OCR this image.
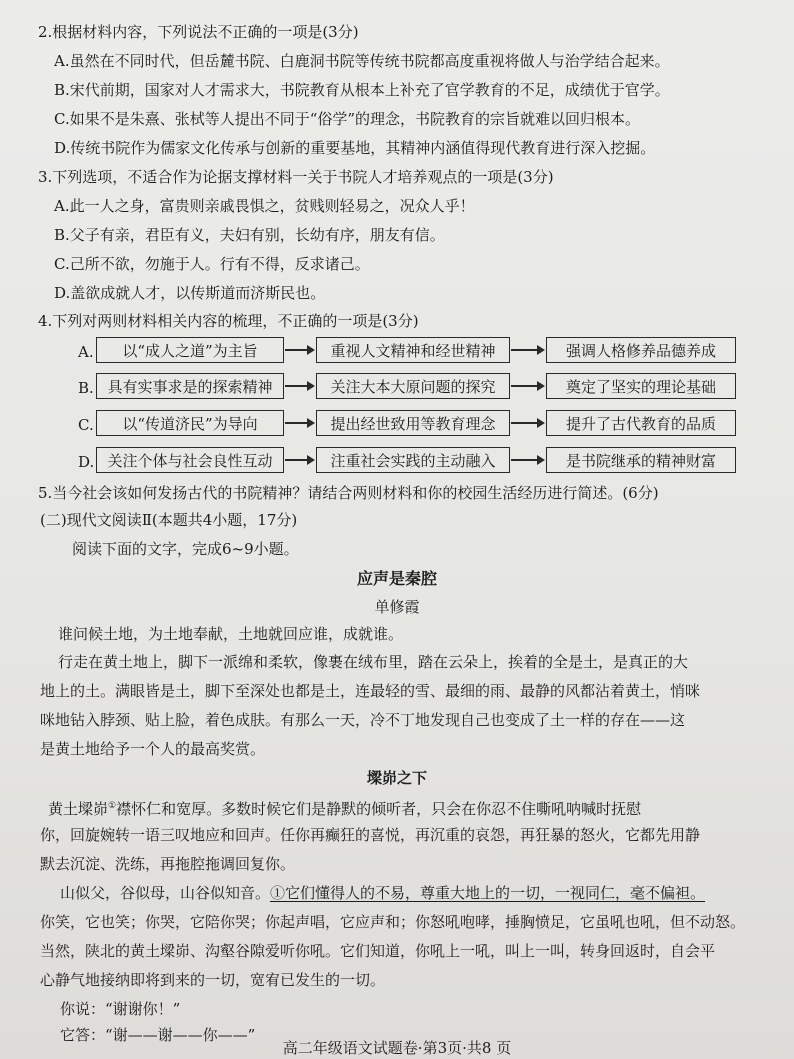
2.根据材料内容，下列说法不正确的一项是(3分)
A.虽然在不同时代，但岳麓书院、白鹿洞书院等传统书院都高度重视将做人与治学结合起来。
B.宋代前期，国家对人才需求大，书院教育从根本上补充了官学教育的不足，成绩优于官学。
C.如果不是朱熹、张栻等人提出不同于“俗学”的理念，书院教育的宗旨就难以回归根本。
D.传统书院作为儒家文化传承与创新的重要基地，其精神内涵值得现代教育进行深入挖掘。
3.下列选项，不适合作为论据支撑材料一关于书院人才培养观点的一项是(3分)
A.此一人之身，富贵则亲戚畏惧之，贫贱则轻易之，况众人乎！
B.父子有亲，君臣有义，夫妇有别，长幼有序，朋友有信。
C.己所不欲，勿施于人。行有不得，反求诸己。
D.盖欲成就人才，以传斯道而济斯民也。
4.下列对两则材料相关内容的梳理，不正确的一项是(3分)
A.	以“成人之道”为主旨	重视人文精神和经世精神	强调人格修养品德养成
B. 具有实事求是的探索精神	关注大本大原问题的探究	奠定了坚实的理论基础
C.	以“传道济民”为导向	提出经世致用等教育理念	提升了古代教育的品质
D. 关注个体与社会良性互动	注重社会实践的主动融入	是书院继承的精神财富
5.当今社会该如何发扬古代的书院精神？请结合两则材料和你的校园生活经历进行简述。(6分)
(二)现代文阅读Ⅱ(本题共4小题，17分)
阅读下面的文字，完成6~9小题。
应声是秦腔
单修霞
谁问候土地，为土地奉献，土地就回应谁，成就谁。
行走在黄土地上，脚下一派绵和柔软，像裹在绒布里，踏在云朵上，挨着的全是土，是真正的大
地上的土。满眼皆是土，脚下至深处也都是土，连最轻的雪、最细的雨、最静的风都沾着黄土，悄咪
咪地钻入脖颈、贴上脸，着色成肤。有那么一天，冷不丁地发现自己也变成了土一样的存在——这
是黄土地给予一个人的最高奖赏。
墚峁之下
黄土墚峁①襟怀仁和宽厚。多数时候它们是静默的倾听者，只会在你忍不住嘶吼呐喊时抚慰
你，回旋婉转一语三叹地应和回声。任你再癫狂的喜悦，再沉重的哀怨，再狂暴的怒火，它都先用静
默去沉淀、洗练，再拖腔拖调回复你。
山似父，谷似母，山谷似知音。①它们懂得人的不易，尊重大地上的一切，一视同仁，毫不偏袒。
你笑，它也笑；你哭，它陪你哭；你起声唱，它应声和；你怒吼咆哮，捶胸愤足，它虽吼也吼，但不动怒。
当然，陕北的黄土墚峁、沟壑谷隙爱听你吼。它们知道，你吼上一吼，叫上一叫，转身回返时，自会平
心静气地接纳即将到来的一切，宽宥已发生的一切。
你说：“谢谢你！”
它答：“谢——谢——你——”
高二年级语文试题卷·第3页·共8 页
